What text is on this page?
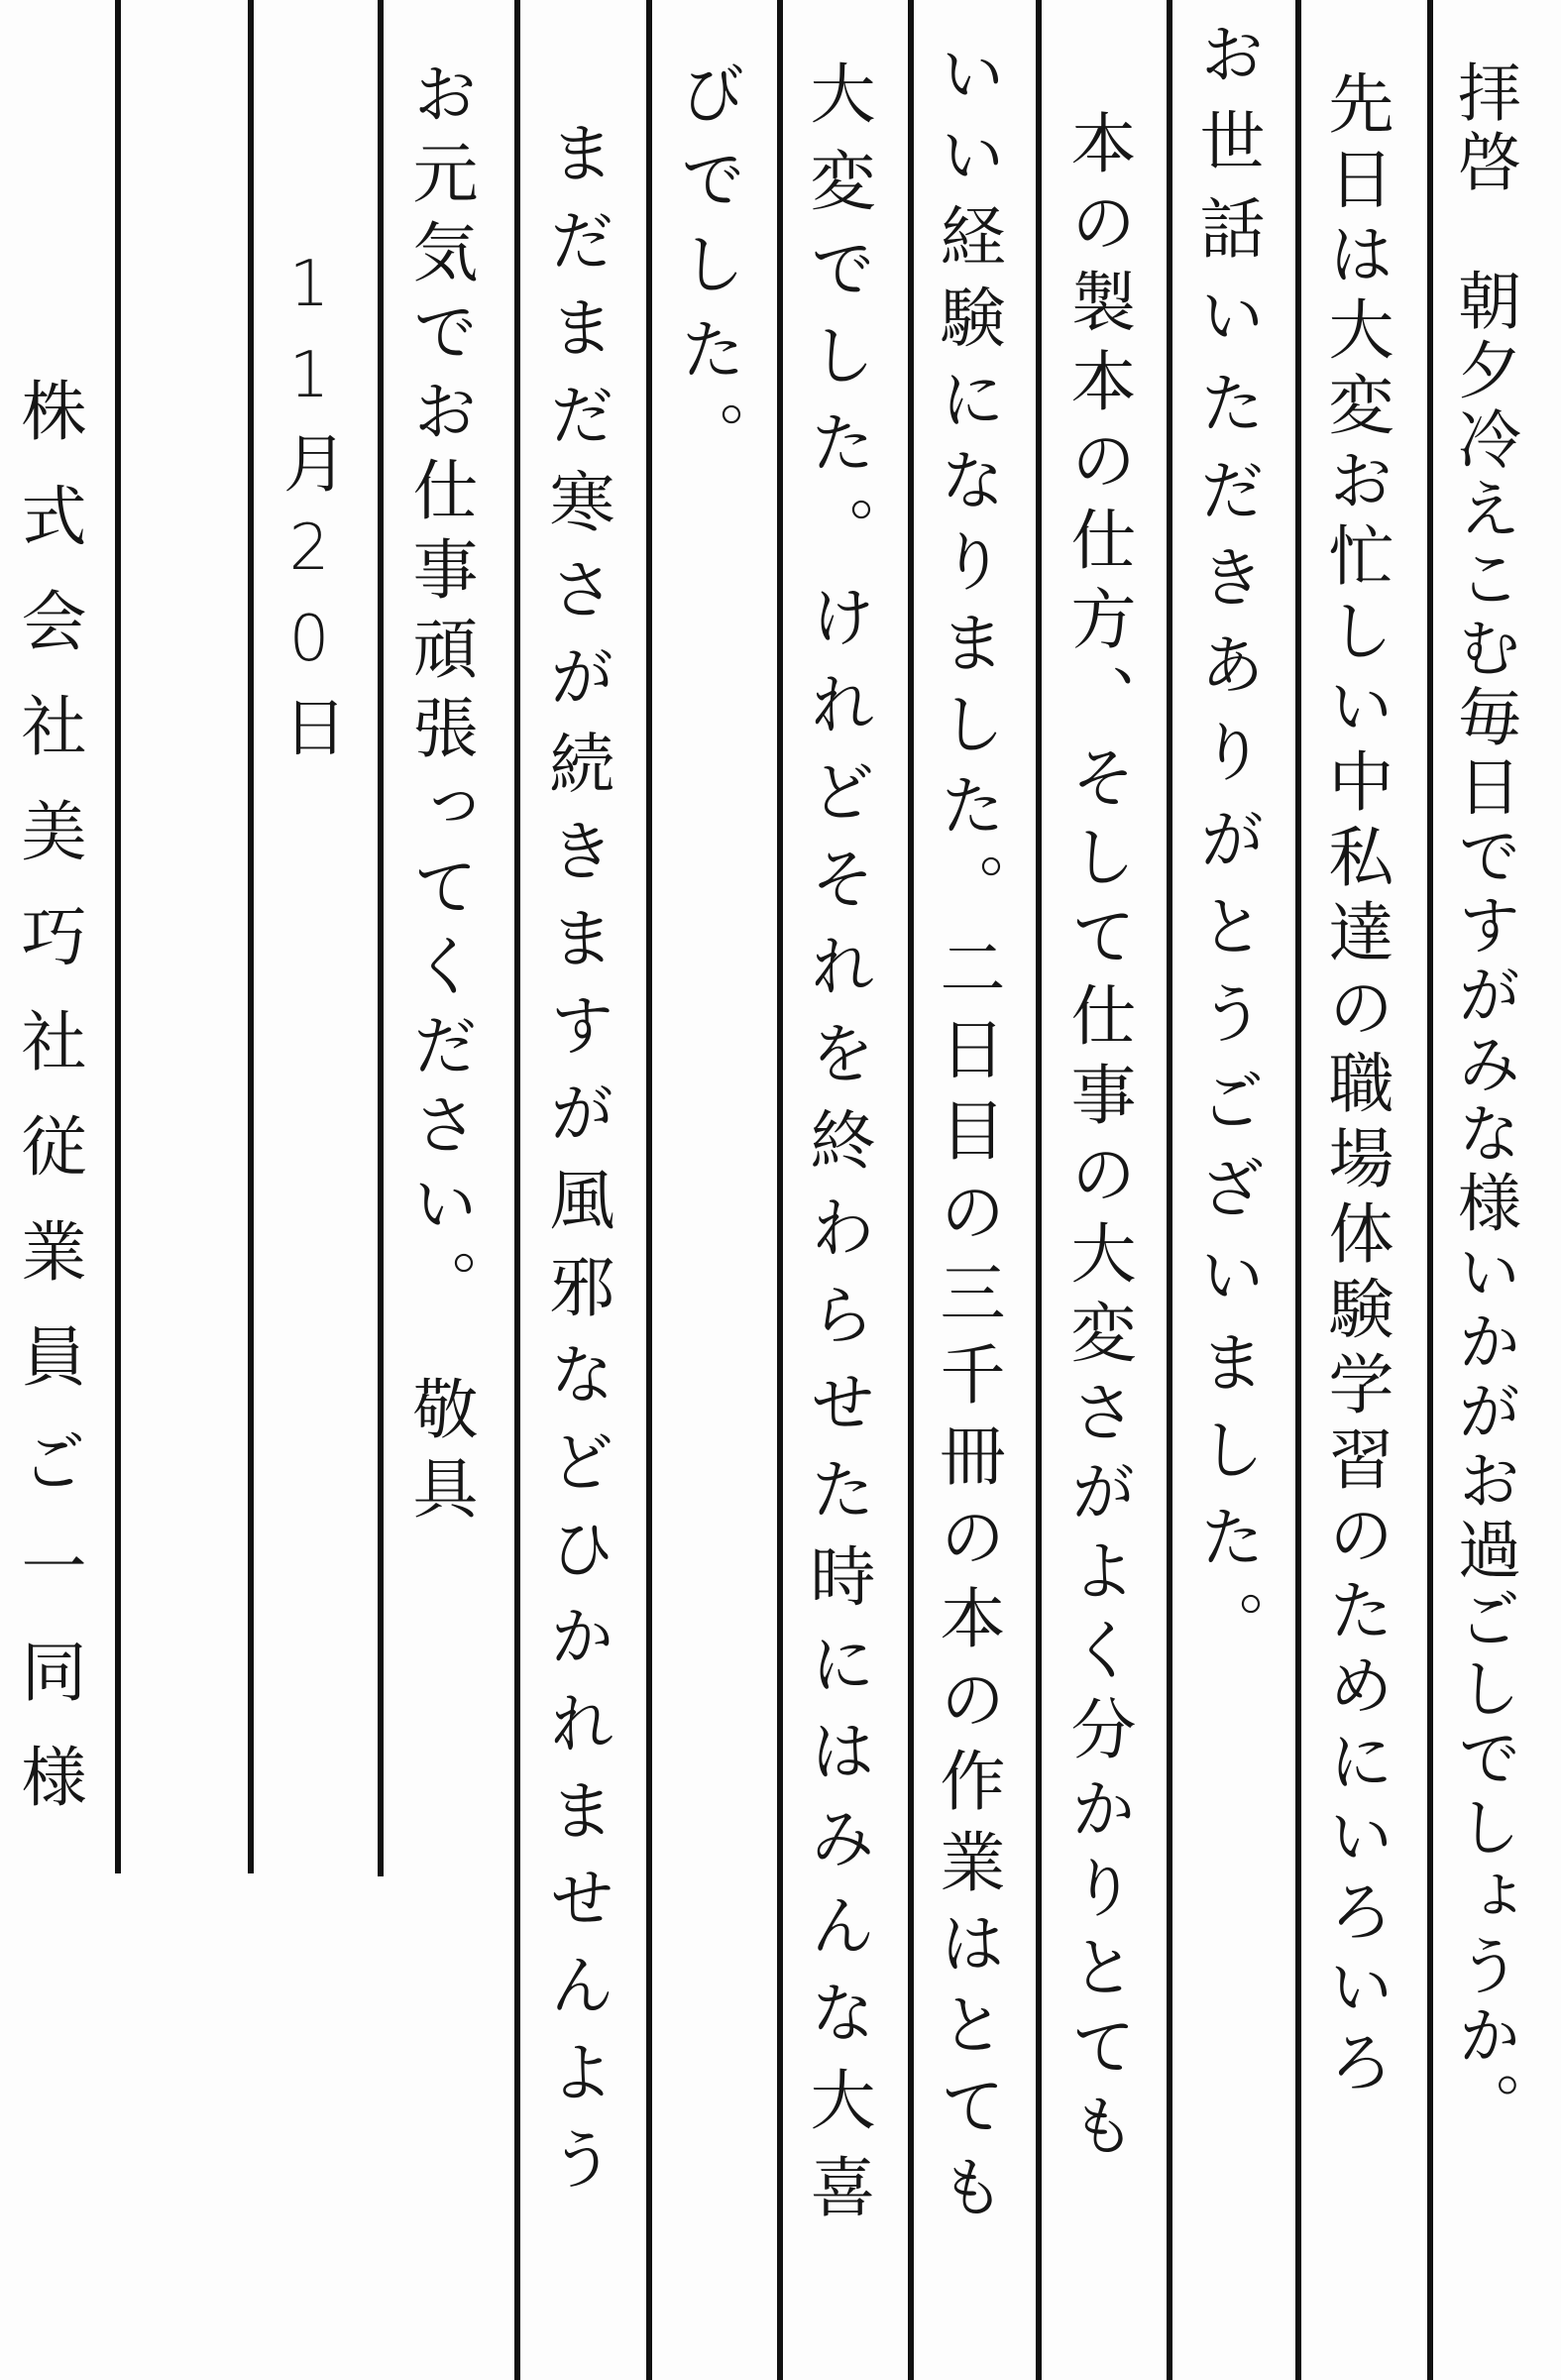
拝啓　朝夕冷えこむ毎日ですがみな様いかがお過ごしでしょうか。
先日は大変お忙しい中私達の職場体験学習のためにいろいろ
お世話いただきありがとうございました。
本の製本の仕方、そして仕事の大変さがよく分かりとても
いい経験になりました。二日目の三千冊の本の作業はとても
大変でした。けれどそれを終わらせた時にはみんな大喜
びでした。
まだまだ寒さが続きますが風邪などひかれませんよう
お元気でお仕事頑張ってください。　敬具
11月20日
株式会社美巧社従業員ご一同様
